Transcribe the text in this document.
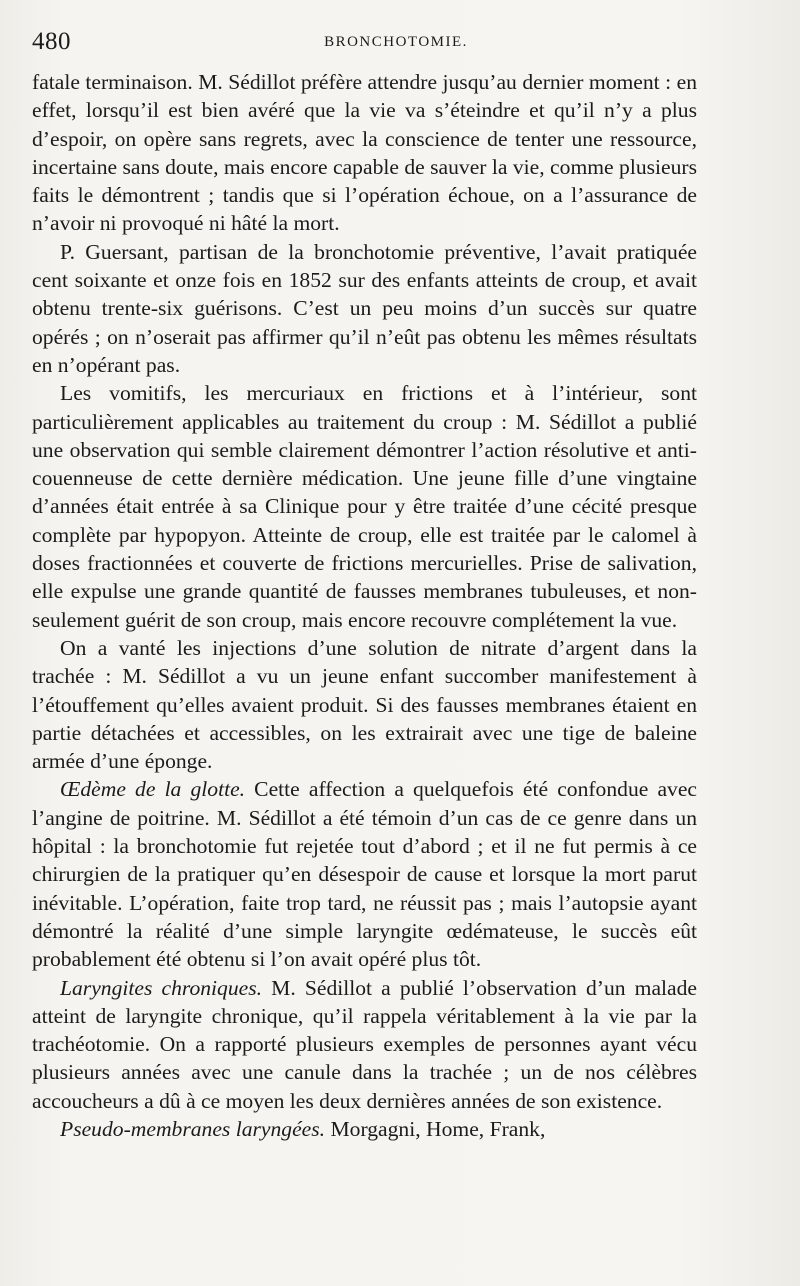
480	BRONCHOTOMIE.

fatale terminaison. M. Sédillot préfère attendre jusqu’au dernier moment : en effet, lorsqu’il est bien avéré que la vie va s’éteindre et qu’il n’y a plus d’espoir, on opère sans regrets, avec la conscience de tenter une ressource, incertaine sans doute, mais encore capable de sauver la vie, comme plusieurs faits le démontrent ; tandis que si l’opération échoue, on a l’assurance de n’avoir ni provoqué ni hâté la mort.

P. Guersant, partisan de la bronchotomie préventive, l’avait pratiquée cent soixante et onze fois en 1852 sur des enfants atteints de croup, et avait obtenu trente-six guérisons. C’est un peu moins d’un succès sur quatre opérés ; on n’oserait pas affirmer qu’il n’eût pas obtenu les mêmes résultats en n’opérant pas.

Les vomitifs, les mercuriaux en frictions et à l’intérieur, sont particulièrement applicables au traitement du croup : M. Sédillot a publié une observation qui semble clairement démontrer l’action résolutive et anti-couenneuse de cette dernière médication. Une jeune fille d’une vingtaine d’années était entrée à sa Clinique pour y être traitée d’une cécité presque complète par hypopyon. Atteinte de croup, elle est traitée par le calomel à doses fractionnées et couverte de frictions mercurielles. Prise de salivation, elle expulse une grande quantité de fausses membranes tubuleuses, et non-seulement guérit de son croup, mais encore recouvre complétement la vue.

On a vanté les injections d’une solution de nitrate d’argent dans la trachée : M. Sédillot a vu un jeune enfant succomber manifestement à l’étouffement qu’elles avaient produit. Si des fausses membranes étaient en partie détachées et accessibles, on les extrairait avec une tige de baleine armée d’une éponge.

Œdème de la glotte. Cette affection a quelquefois été confondue avec l’angine de poitrine. M. Sédillot a été témoin d’un cas de ce genre dans un hôpital : la bronchotomie fut rejetée tout d’abord ; et il ne fut permis à ce chirurgien de la pratiquer qu’en désespoir de cause et lorsque la mort parut inévitable. L’opération, faite trop tard, ne réussit pas ; mais l’autopsie ayant démontré la réalité d’une simple laryngite œdémateuse, le succès eût probablement été obtenu si l’on avait opéré plus tôt.

Laryngites chroniques. M. Sédillot a publié l’observation d’un malade atteint de laryngite chronique, qu’il rappela véritablement à la vie par la trachéotomie. On a rapporté plusieurs exemples de personnes ayant vécu plusieurs années avec une canule dans la trachée ; un de nos célèbres accoucheurs a dû à ce moyen les deux dernières années de son existence.

Pseudo-membranes laryngées. Morgagni, Home, Frank,
